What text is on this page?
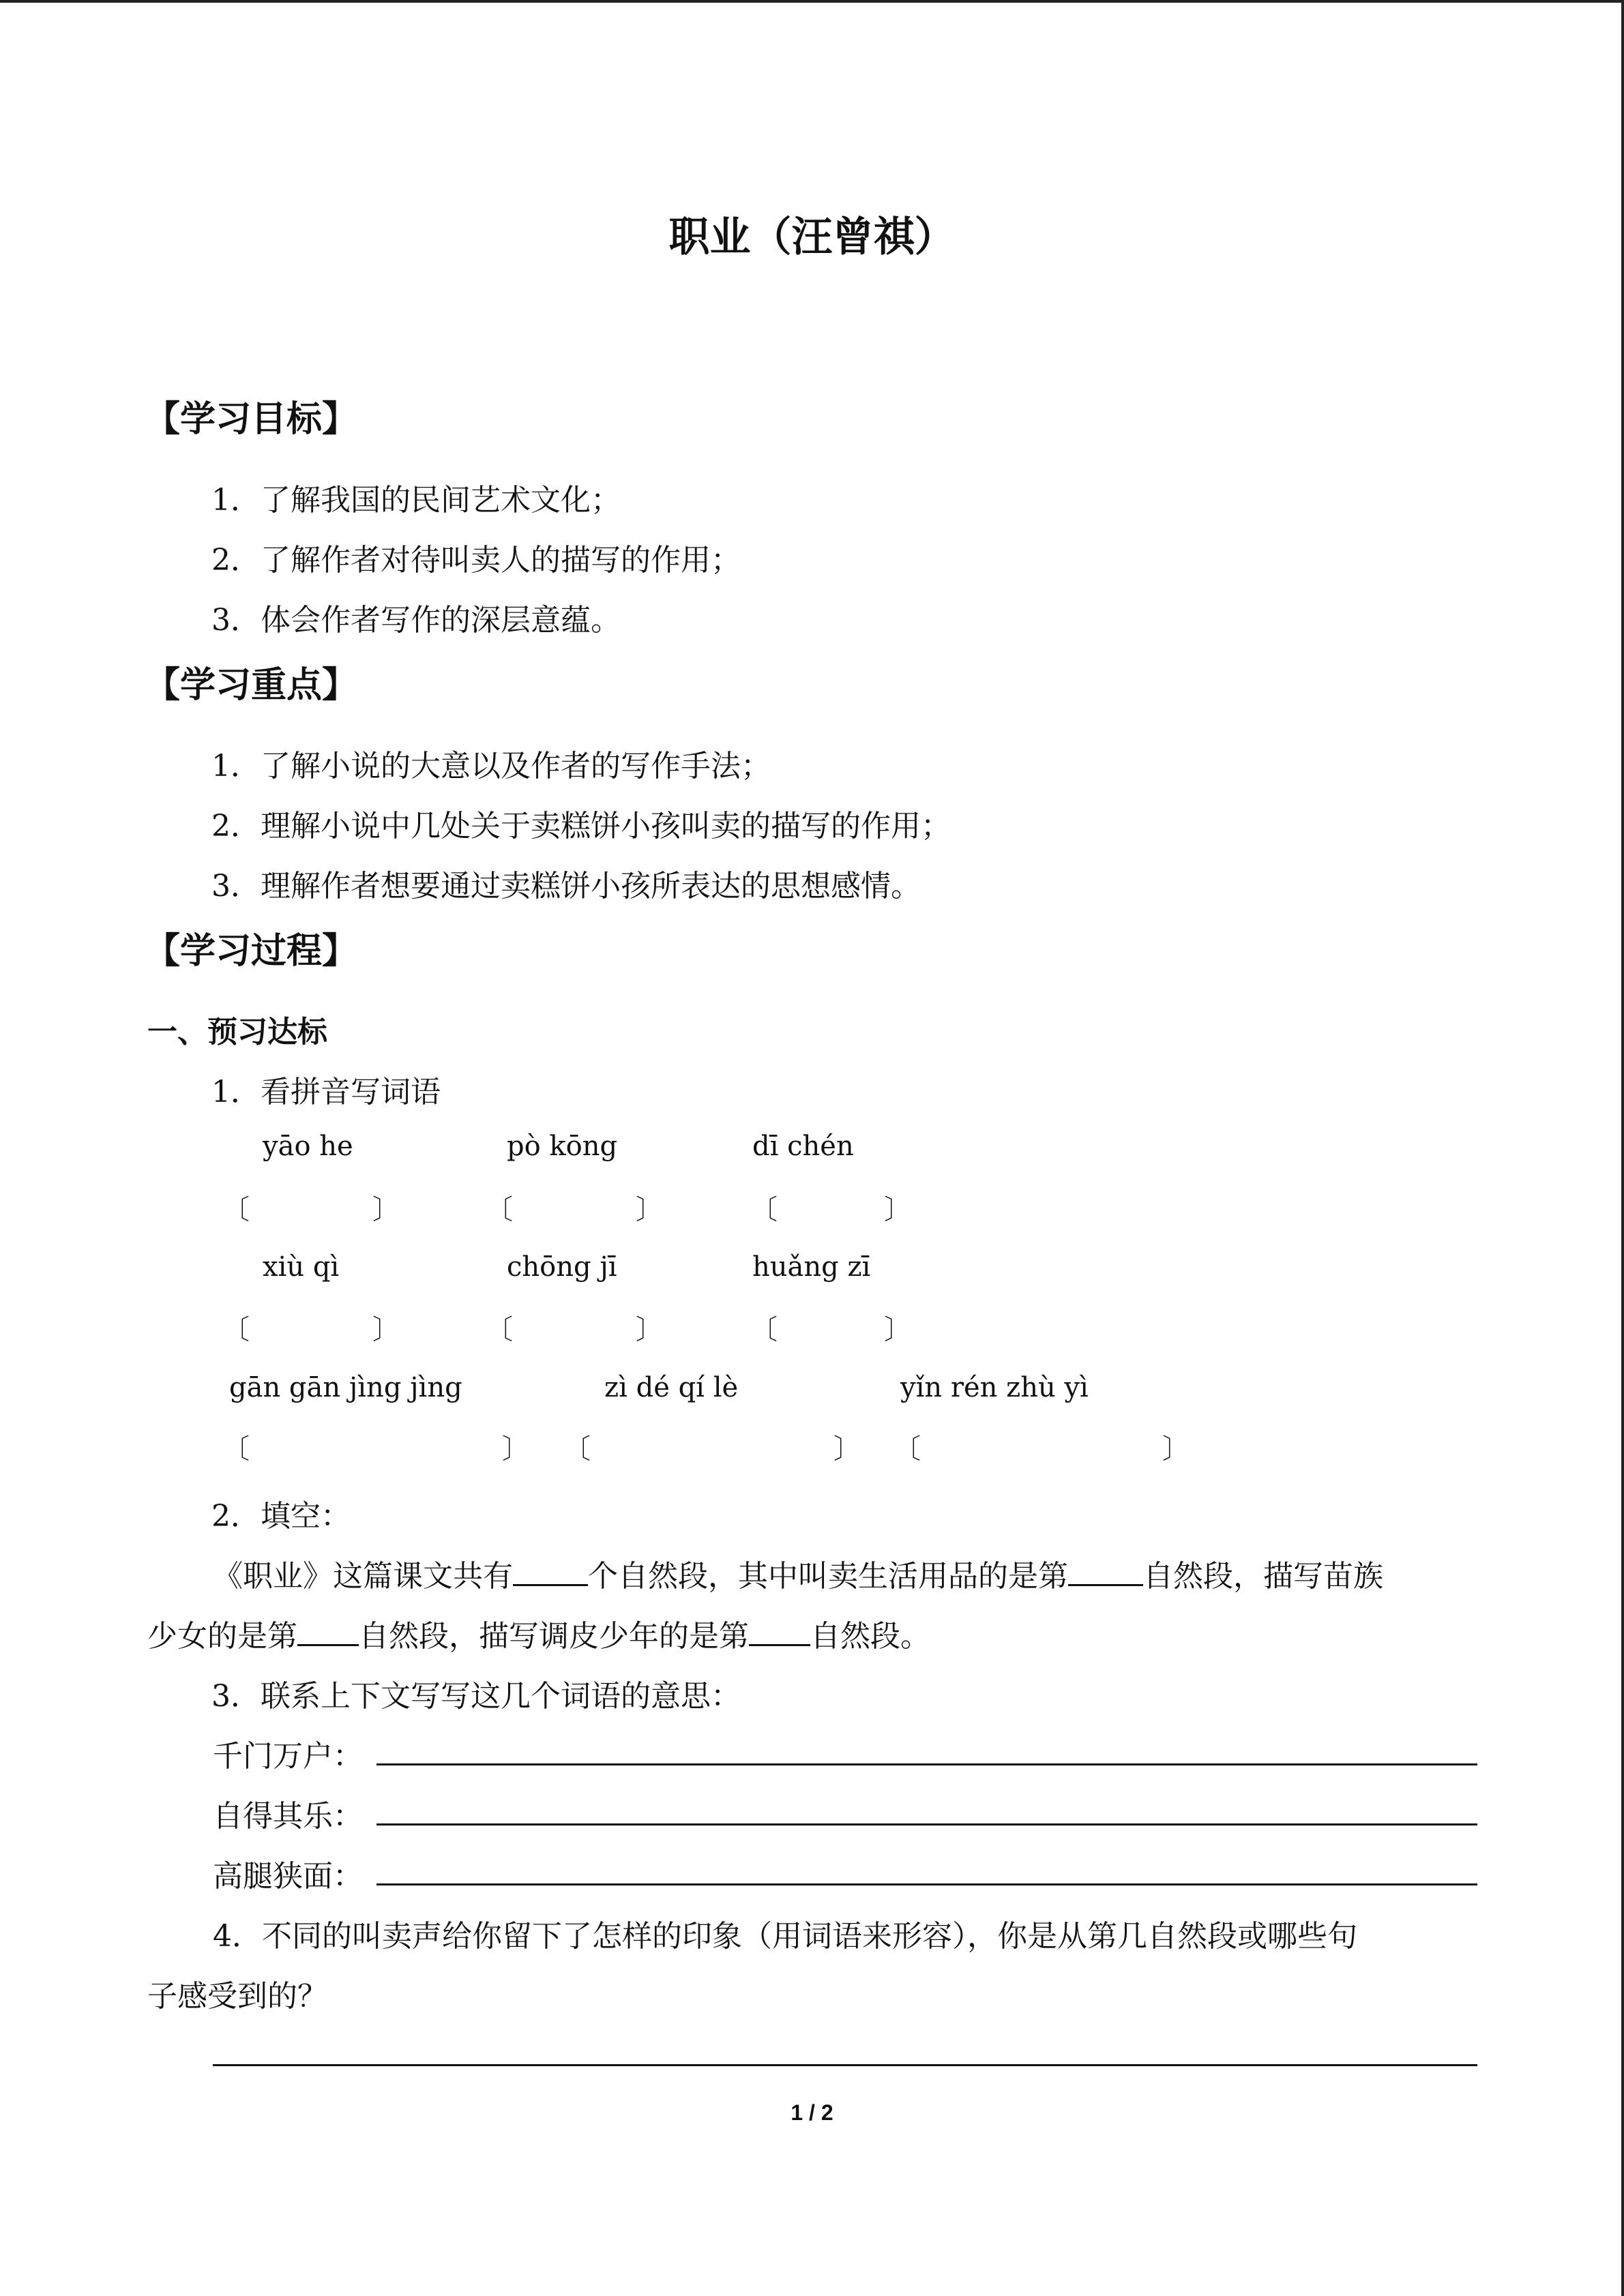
职业（汪曾祺）
【学习目标】
1．了解我国的民间艺术文化；
2．了解作者对待叫卖人的描写的作用；
3．体会作者写作的深层意蕴。
【学习重点】
1．了解小说的大意以及作者的写作手法；
2．理解小说中几处关于卖糕饼小孩叫卖的描写的作用；
3．理解作者想要通过卖糕饼小孩所表达的思想感情。
【学习过程】
一、预习达标
1．看拼音写词语
yāo he	pò kōng	dī chén
〔	〕	〔	〕	〔	〕
xiù qì	chōng jī	huǎng zī
〔	〕	〔	〕	〔	〕
gān gān jìng jìng	zì dé qí lè	yǐn rén zhù yì
〔	〕 〔	〕 〔	〕
2．填空：
《职业》这篇课文共有	个自然段，其中叫卖生活用品的是第	自然段，描写苗族
少女的是第 自然段，描写调皮少年的是第 自然段。
3．联系上下文写写这几个词语的意思：
千门万户：
自得其乐：
高腿狭面：
4．不同的叫卖声给你留下了怎样的印象（用词语来形容），你是从第几自然段或哪些句
子感受到的？
1 / 2
